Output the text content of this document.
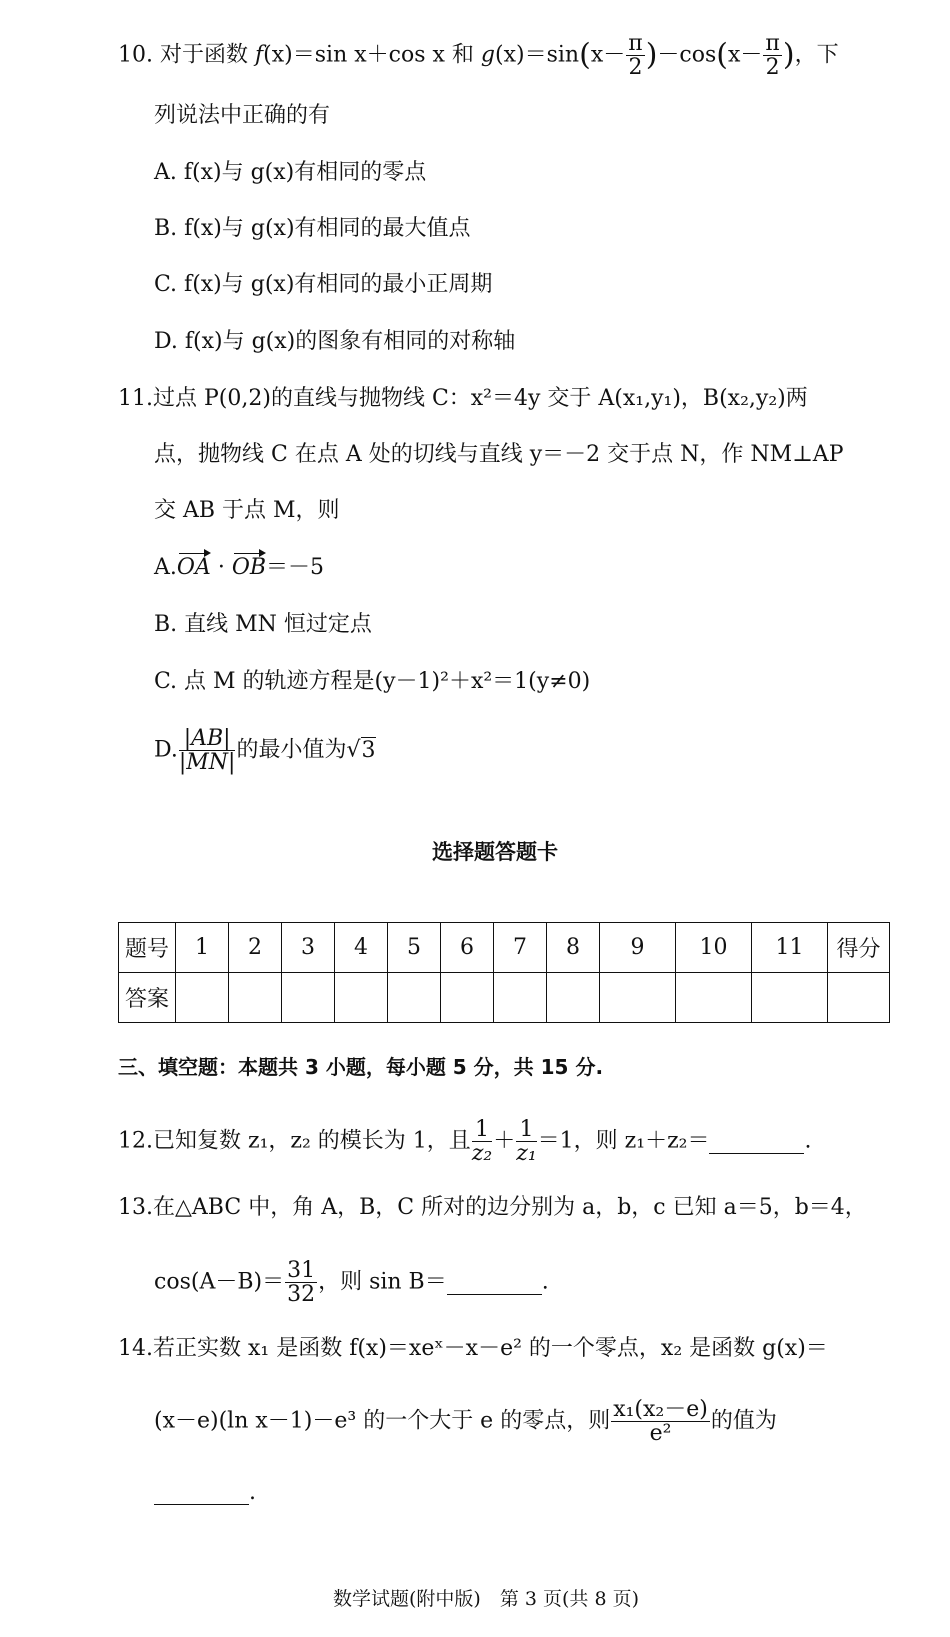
10. 对于函数 f(x)＝sin x＋cos x 和 $g(x)=\sin(x- \frac{\pi}{2} )-\cos(x- \frac{\pi}{2}$ )，下
列说法中正确的有
A. f(x)与 g(x)有相同的零点
B. f(x)与 g(x)有相同的最大值点
C. f(x)与 g(x)有相同的最小正周期
D. f(x)与 g(x)的图象有相同的对称轴
11.过点 P(0,2)的直线与抛物线 C：x²＝4y 交于 A(x₁,y₁)，B(x₂,y₂)两
点，抛物线 C 在点 A 处的切线与直线 y＝－2 交于点 N，作 NM⊥AP
交 AB 于点 M，则
A.OA · OB＝－5
B. 直线 MN 恒过定点
C. 点 M 的轨迹方程是(y－1)²＋x²＝1(y≠0)
D. $\frac{|AB|}{|MN|}$ 的最小值为√3
选择题答题卡
题号	1	2	3	4	5	6	7	8	9	10	11	得分
答案												
三、填空题：本题共 3 小题，每小题 5 分，共 15 分.
12.已知复数 z₁，z₂ 的模长为 1，且 $\frac{1}{\text{z₂}} + \frac{1}{\text{z₁}} =1$，则 z₁＋z₂＝	.
13.在△ABC 中，角 A，B，C 所对的边分别为 a，b，c 已知 a＝5，b＝4，
$\cos(A-B)= \frac{31}{32}$ ，则 sin B＝	.
14.若正实数 x₁ 是函数 f(x)＝xeˣ－x－e² 的一个零点，x₂ 是函数 g(x)＝
(x－e)(ln x－1)－e³ 的一个大于 e 的零点，则 $\frac{\text{x₁(x₂－e)}}{\text{e²}}$ 的值为
.
数学试题(附中版)　第 3 页(共 8 页)
